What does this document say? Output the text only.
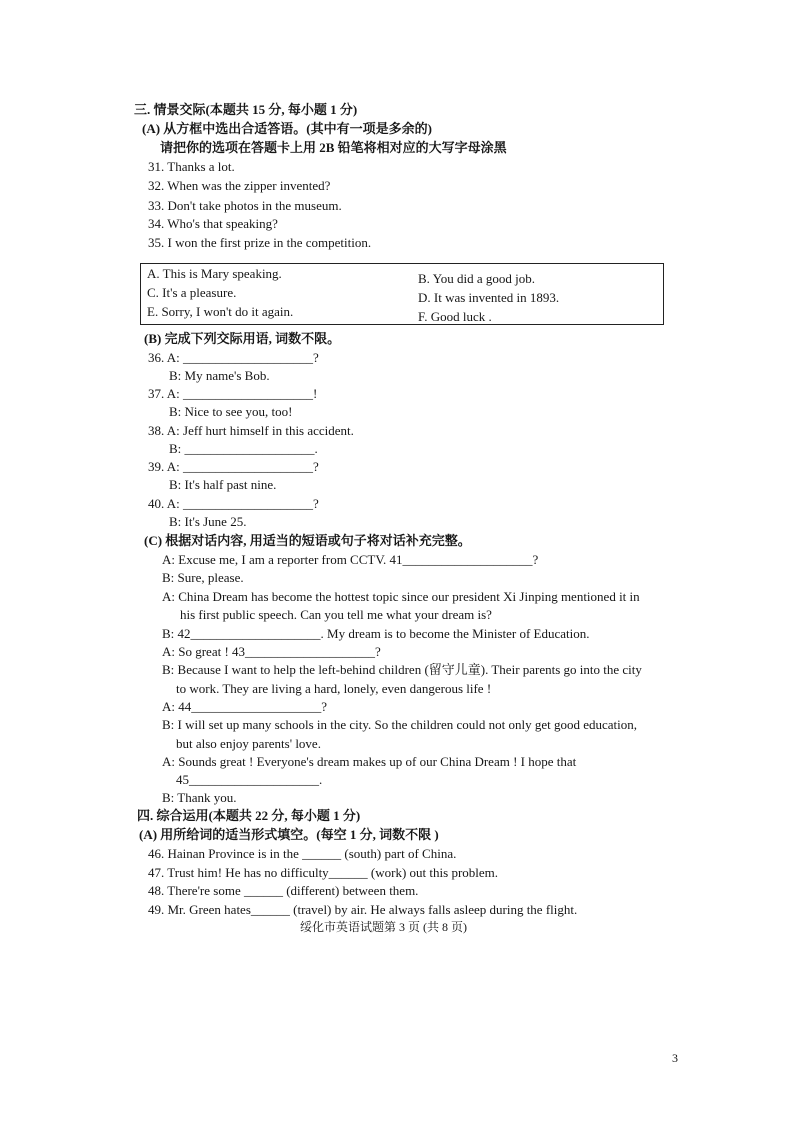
三. 情景交际(本题共 15 分, 每小题 1 分)
(A) 从方框中选出合适答语。(其中有一项是多余的)
请把你的选项在答题卡上用 2B 铅笔将相对应的大写字母涂黑
31. Thanks a lot.
32. When was the zipper invented?
33. Don't take photos in the museum.
34. Who's that speaking?
35. I won the first prize in the competition.
A. This is Mary speaking.
C. It's a pleasure.
E. Sorry, I won't do it again.
B. You did a good job.
D. It was invented in 1893.
F. Good luck .
(B) 完成下列交际用语, 词数不限。
36. A: ____________________?
B: My name's Bob.
37. A: ____________________!
B: Nice to see you, too!
38. A: Jeff hurt himself in this accident.
B: ____________________.
39. A: ____________________?
B: It's half past nine.
40. A: ____________________?
B: It's June 25.
(C) 根据对话内容, 用适当的短语或句子将对话补充完整。
A: Excuse me, I am a reporter from CCTV. 41____________________?
B: Sure, please.
A: China Dream has become the hottest topic since our president Xi Jinping mentioned it in
his first public speech. Can you tell me what your dream is?
B: 42____________________. My dream is to become the Minister of Education.
A: So great ! 43____________________?
B: Because I want to help the left-behind children (留守儿童). Their parents go into the city
to work. They are living a hard, lonely, even dangerous life !
A: 44____________________?
B: I will set up many schools in the city. So the children could not only get good education,
but also enjoy parents' love.
A: Sounds great ! Everyone's dream makes up of our China Dream ! I hope that
45____________________.
B: Thank you.
四. 综合运用(本题共 22 分, 每小题 1 分)
(A) 用所给词的适当形式填空。(每空 1 分, 词数不限 )
46. Hainan Province is in the ______ (south) part of China.
47. Trust him! He has no difficulty______ (work) out this problem.
48. There're some ______ (different) between them.
49. Mr. Green hates______ (travel) by air. He always falls asleep during the flight.
绥化市英语试题第 3 页 (共 8 页)
3
